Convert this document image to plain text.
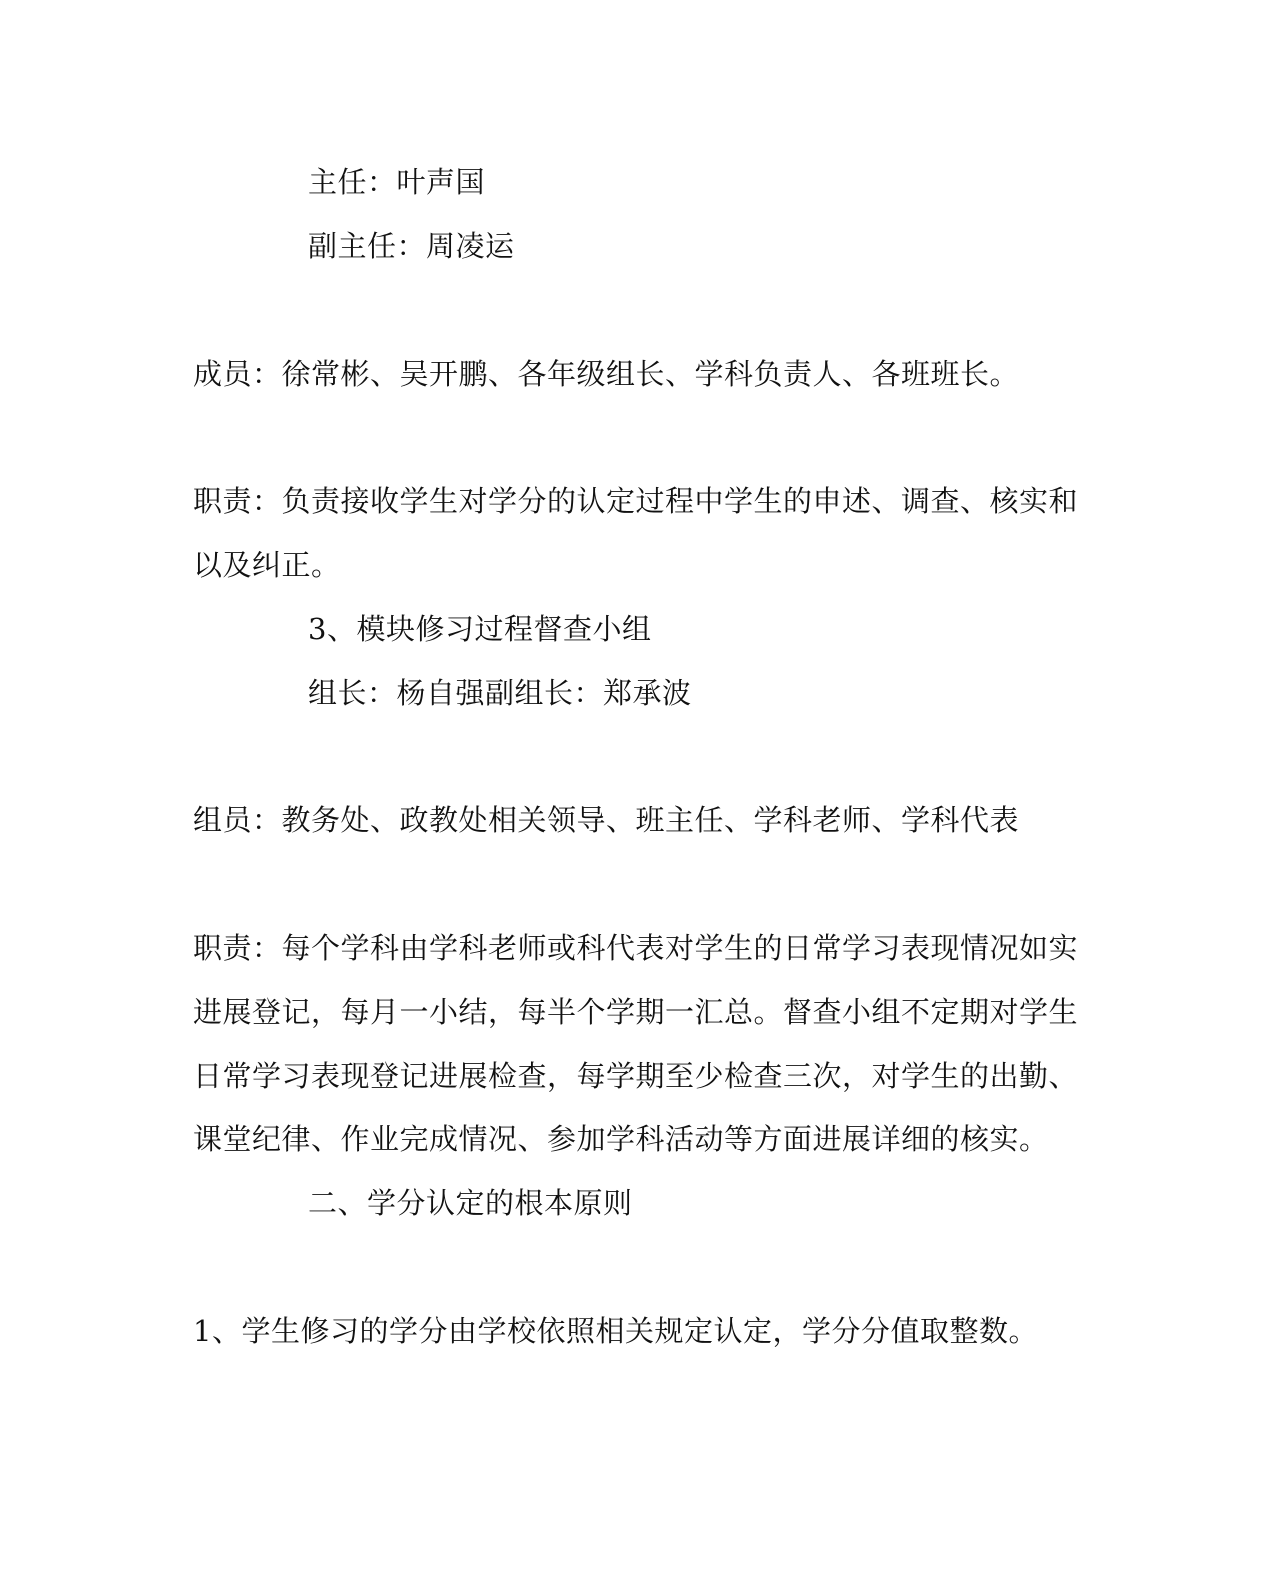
主任：叶声国
副主任：周凌运
成员：徐常彬、吴开鹏、各年级组长、学科负责人、各班班长。
职责：负责接收学生对学分的认定过程中学生的申述、调查、核实和
以及纠正。
3、模块修习过程督查小组
组长：杨自强副组长：郑承波
组员：教务处、政教处相关领导、班主任、学科老师、学科代表
职责：每个学科由学科老师或科代表对学生的日常学习表现情况如实
进展登记，每月一小结，每半个学期一汇总。督查小组不定期对学生
日常学习表现登记进展检查，每学期至少检查三次，对学生的出勤、
课堂纪律、作业完成情况、参加学科活动等方面进展详细的核实。
二、学分认定的根本原则
1、学生修习的学分由学校依照相关规定认定，学分分值取整数。
